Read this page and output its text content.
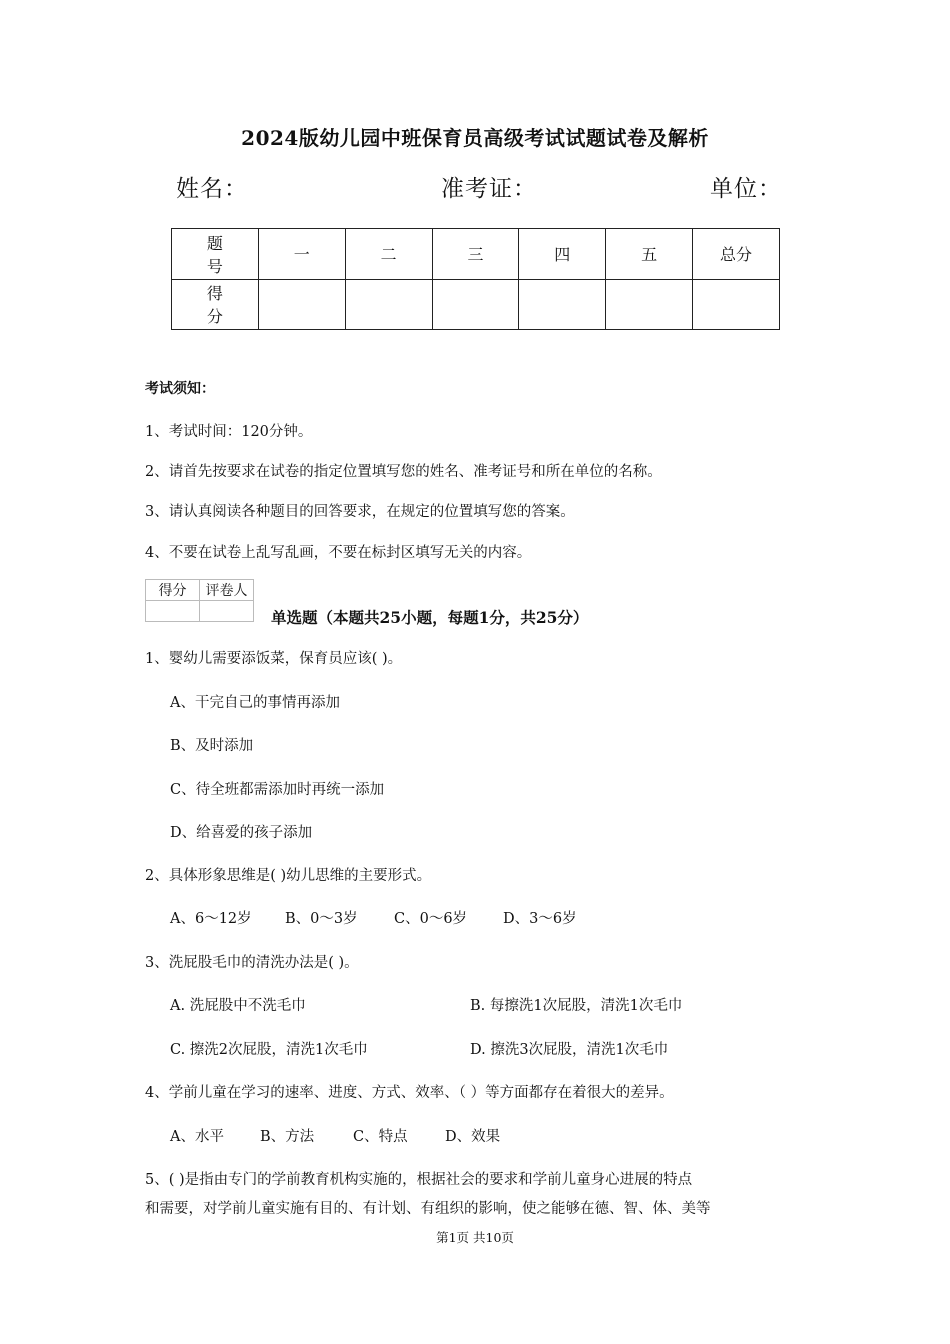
2024版幼儿园中班保育员高级考试试题试卷及解析
姓名：	准考证：	单位：
题 号	一	二	三	四	五	总分
得 分						
考试须知：
1、考试时间：120分钟。
2、请首先按要求在试卷的指定位置填写您的姓名、准考证号和所在单位的名称。
3、请认真阅读各种题目的回答要求，在规定的位置填写您的答案。
4、不要在试卷上乱写乱画，不要在标封区填写无关的内容。
得分	评卷人

单选题（本题共25小题，每题1分，共25分）
1、婴幼儿需要添饭菜，保育员应该( )。
A、干完自己的事情再添加
B、及时添加
C、待全班都需添加时再统一添加
D、给喜爱的孩子添加
2、具体形象思维是( )幼儿思维的主要形式。
A、6～12岁 B、0～3岁	C、0～6岁 D、3～6岁
3、洗屁股毛巾的清洗办法是( )。
A. 洗屁股中不洗毛巾	B. 每擦洗1次屁股，清洗1次毛巾
C. 擦洗2次屁股，清洗1次毛巾	D. 擦洗3次屁股，清洗1次毛巾
4、学前儿童在学习的速率、进度、方式、效率、（ ）等方面都存在着很大的差异。
A、水平 B、方法	C、特点	D、效果
5、( )是指由专门的学前教育机构实施的，根据社会的要求和学前儿童身心进展的特点
和需要，对学前儿童实施有目的、有计划、有组织的影响，使之能够在德、智、体、美等
第1页 共10页
